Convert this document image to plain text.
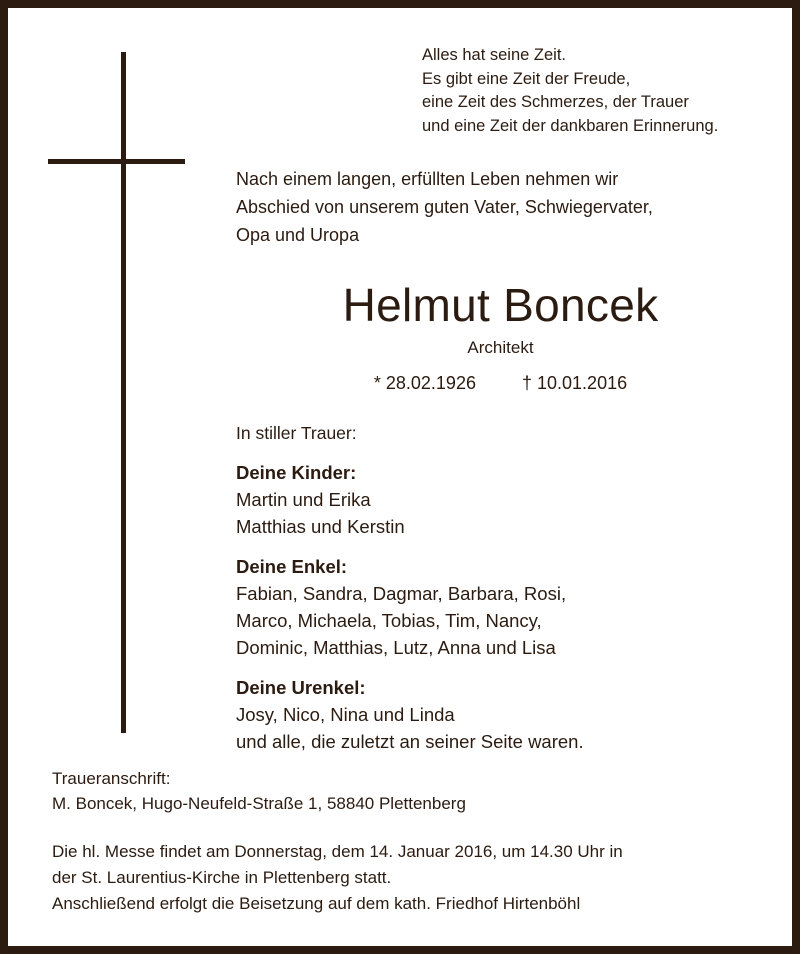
Alles hat seine Zeit.
Es gibt eine Zeit der Freude,
eine Zeit des Schmerzes, der Trauer
und eine Zeit der dankbaren Erinnerung.
Nach einem langen, erfüllten Leben nehmen wir
Abschied von unserem guten Vater, Schwiegervater,
Opa und Uropa
Helmut Boncek
Architekt
* 28.02.1926	† 10.01.2016
In stiller Trauer:
Deine Kinder:
Martin und Erika
Matthias und Kerstin
Deine Enkel:
Fabian, Sandra, Dagmar, Barbara, Rosi,
Marco, Michaela, Tobias, Tim, Nancy,
Dominic, Matthias, Lutz, Anna und Lisa
Deine Urenkel:
Josy, Nico, Nina und Linda
und alle, die zuletzt an seiner Seite waren.
Traueranschrift:
M. Boncek, Hugo-Neufeld-Straße 1, 58840 Plettenberg
Die hl. Messe findet am Donnerstag, dem 14. Januar 2016, um 14.30 Uhr in
der St. Laurentius-Kirche in Plettenberg statt.
Anschließend erfolgt die Beisetzung auf dem kath. Friedhof Hirtenböhl
